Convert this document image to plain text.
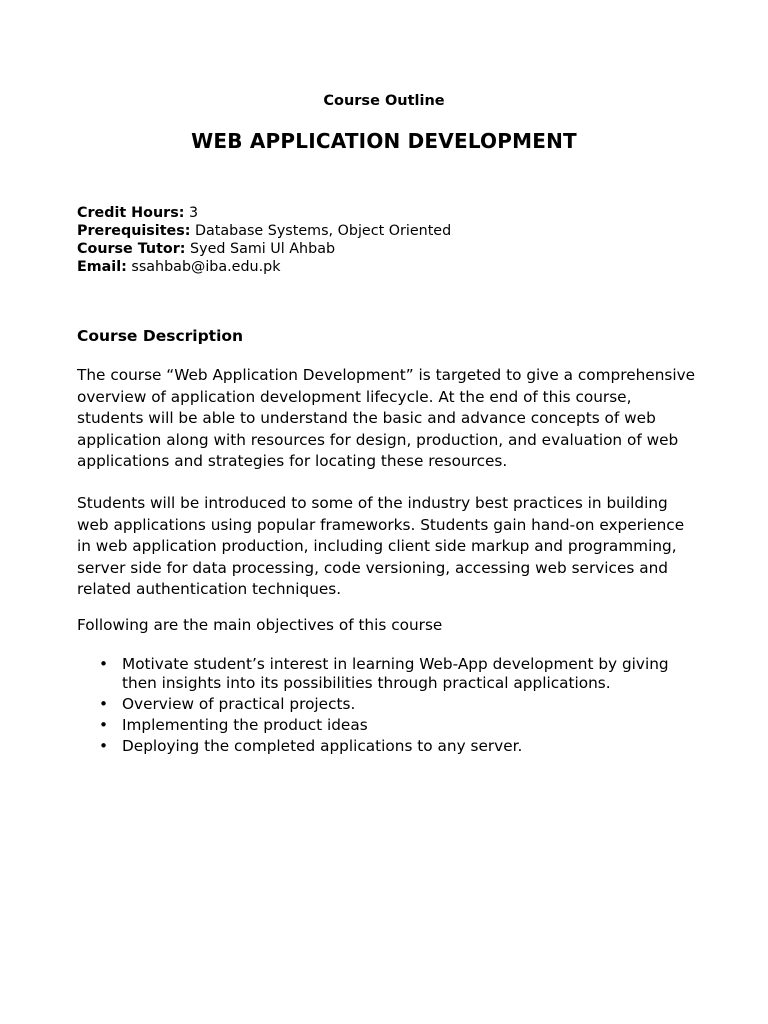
Course Outline
WEB APPLICATION DEVELOPMENT
Credit Hours: 3
Prerequisites: Database Systems, Object Oriented
Course Tutor: Syed Sami Ul Ahbab
Email: ssahbab@iba.edu.pk
Course Description

The course “Web Application Development” is targeted to give a comprehensive overview of application development lifecycle. At the end of this course, students will be able to understand the basic and advance concepts of web application along with resources for design, production, and evaluation of web applications and strategies for locating these resources.

Students will be introduced to some of the industry best practices in building web applications using popular frameworks. Students gain hand-on experience in web application production, including client side markup and programming, server side for data processing, code versioning, accessing web services and related authentication techniques.

Following are the main objectives of this course

• Motivate student’s interest in learning Web-App development by giving then insights into its possibilities through practical applications.
• Overview of practical projects.
• Implementing the product ideas
• Deploying the completed applications to any server.
